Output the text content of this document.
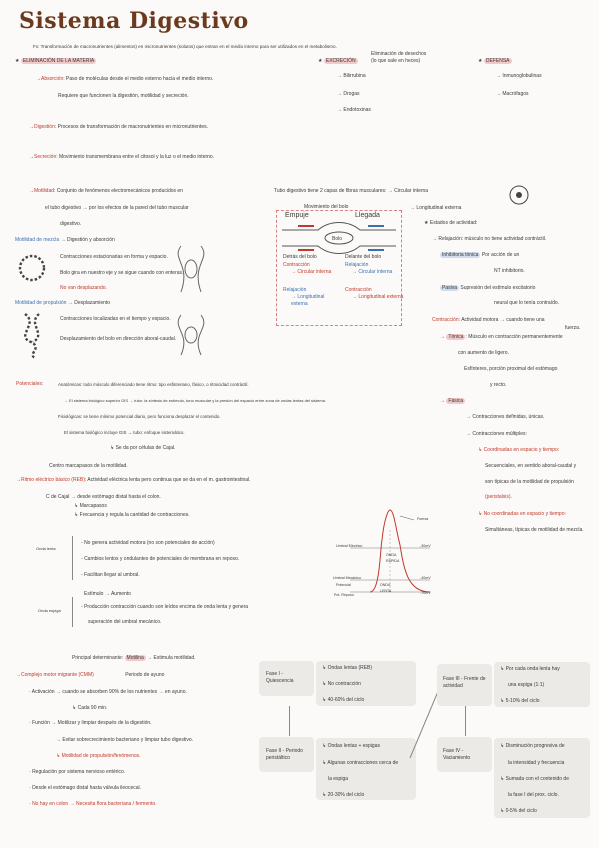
Sistema Digestivo
Fx: Transformación de macronutrientes (alimentos) en micronutrientes (solutos) que entran en el medio interno para ser utilizados en el metabolismo.
★ ELIMINACIÓN DE LA MATERIA	★ EXCRECIÓN
Eliminación de desechos
(lo que sale en heces)	★ DEFENSA
→ Bilirrubina
→ Drogas
→ Endotoxinas
→ Inmunoglobulinas
→ Macrófagos
→Absorción: Paso de moléculas desde el medio externo hacia el medio interno.
Requiere que funcionen la digestión, motilidad y secreción.
→Digestión: Procesos de transformación de macronutrientes en micronutrientes.
→Secreción: Movimiento transmembrana entre el citosol y la luz o el medio interno.
→Motilidad: Conjunto de fenómenos electromecánicos producidos en
el tubo digestivo → por los efectos de la pared del tubo muscular
digestivo.
Motilidad de mezcla → Digestión y absorción
Contracciones estacionarias en forma y espacio.
Bolo gira en nuestro eje y se sigue cuando con enteras.
No van desplazando.
Motilidad de propulsión → Desplazamiento
Contracciones localizadas en el tiempo y espacio.
Desplazamiento del bolo en dirección aboral-caudal.
Tubo digestivo tiene 2 capas de fibras musculares: → Circular interna
→ Longitudinal externa
Movimiento del bolo
Empuje	Llegada
Bolo
Detrás del bolo
Contracción
→ Circular interna
Relajación
→ Longitudinal
externa
Delante del bolo
Relajación
→ Circular interna
Contracción
→ Longitudinal externa
★ Estados de actividad:
→ Relajación: músculo no tiene actividad contráctil.
Inhibitoria tónica Por acción de un
NT inhibitorio.
Pasiva Supresión del estímulo excitatorio
neural que lo tenía contraído.
Contracción: Actividad motora → cuando tiene una
fuerza.
→ Tónica : Músculo en contracción permanentemente
con aumento de ligero.
Esfínteres, porción proximal del estómago
y recto.
→ Fásica
→ Contracciones definidas, únicas.
→ Contracciones múltiples:
↳ Coordinadas en espacio y tiempo:
Secuenciales, en sentido aboral-caudal y
son típicas de la motilidad de propulsión
(peristalsis).
↳ No coordinadas en espacio y tiempo:
Simultáneas, típicas de motilidad de mezcla.
Potenciales:	Anatómicas: todo músculo diferenciado tiene ritmo: tipo esfinteriano, fásico, o ritmicidad contráctil.
→ El sistema biológico superior GIS → tubo: la síntesis de estímulo, tono muscular y la presión del espacio entre zona de ondas lentas del sistema.
Fisiológicas: se tiene mínimo potencial diario, pero funciona desplazar el contenido.
El sistema biológico incluye GIS → tubo: enfoque sistemático.
↳ Se da por células de Cajal.
Centro marcapasos de la motilidad.
→Ritmo eléctrico básico (REB): Actividad eléctrica lenta pero continua que se da en el m. gastrointestinal.
C de Cajal → desde estómago distal hasta el colon.
↳ Marcapasos
↳ Frecuencia y regula la cantidad de contracciones.
Onda lenta
- No genera actividad motora (no son potenciales de acción)
- Cambios lentos y ondulantes de potenciales de membrana en reposo.
- Facilitan llegar al umbral.
Estímulo → Aumento
Onda espiga
- Producción contracción cuando son leídos encima de onda lenta y genera
superación del umbral mecánico.
Fuerza
Umbral Eléctrico	-30mV
ONDA
RÁPIDA
Umbral Mecánico	-40mV
Potencial	ONDA
LENTA
Pot. Reposo	-70mV
Principal determinante: Motilina → Estimula motilidad.
→Complejo motor migrante (CMM)	Periodo de ayuno
· Activación → cuando se absorben 90% de los nutrientes → en ayuno.
↳ Cada 90 min.
· Función → Motilizar y limpiar después de la digestión.
→ Evitar sobrecrecimiento bacteriano y limpiar tubo digestivo.
↳ Motilidad de propulsión/fenómenos.
· Regulación por sistema nervioso entérico.
· Desde el estómago distal hasta válvula ileocecal.
· No hay en colon → Necesita flora bacteriana / fermento.
Fase I - Quiescencia
↳ Ondas lentas (REB)
↳ No contracción
↳ 40-60% del ciclo
Fase II - Periodo peristáltico
↳ Ondas lentas + espigas
↳ Algunas contracciones cerca de
la espiga
↳ 20-30% del ciclo
Fase III - Frente de actividad
↳ Por cada onda lenta hay
una espiga (1:1)
↳ 5-10% del ciclo
Fase IV - Vaciamiento
↳ Disminución progresiva de
la intensidad y frecuencia
↳ Sumada con el contenido de
la fase I del prox. ciclo.
↳ 0-5% del ciclo
